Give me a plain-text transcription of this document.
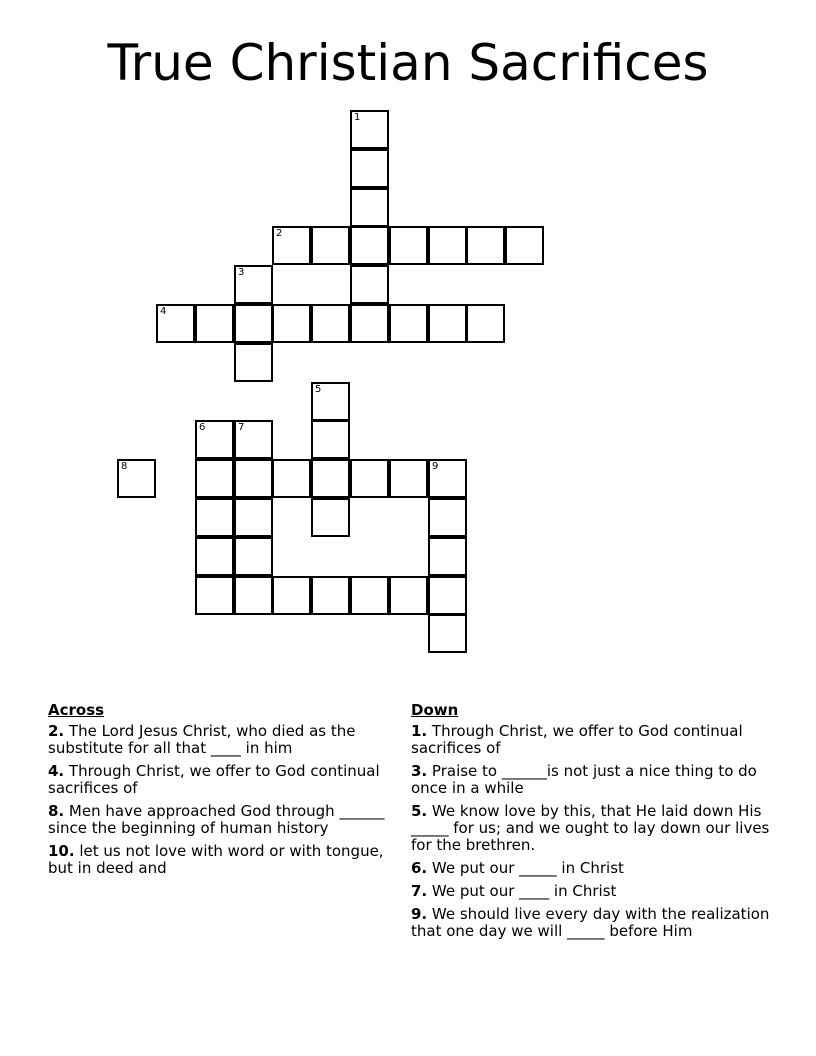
True Christian Sacrifices
1
2
3
4
5
6	7
8	9
Across
2. The Lord Jesus Christ, who died as the substitute for all that ____ in him
4. Through Christ, we offer to God continual sacrifices of
8. Men have approached God through ______ since the beginning of human history
10. let us not love with word or with tongue, but in deed and
Down
1. Through Christ, we offer to God continual sacrifices of
3. Praise to ______is not just a nice thing to do once in a while
5. We know love by this, that He laid down His _____ for us; and we ought to lay down our lives for the brethren.
6. We put our _____ in Christ
7. We put our ____ in Christ
9. We should live every day with the realization that one day we will _____ before Him
